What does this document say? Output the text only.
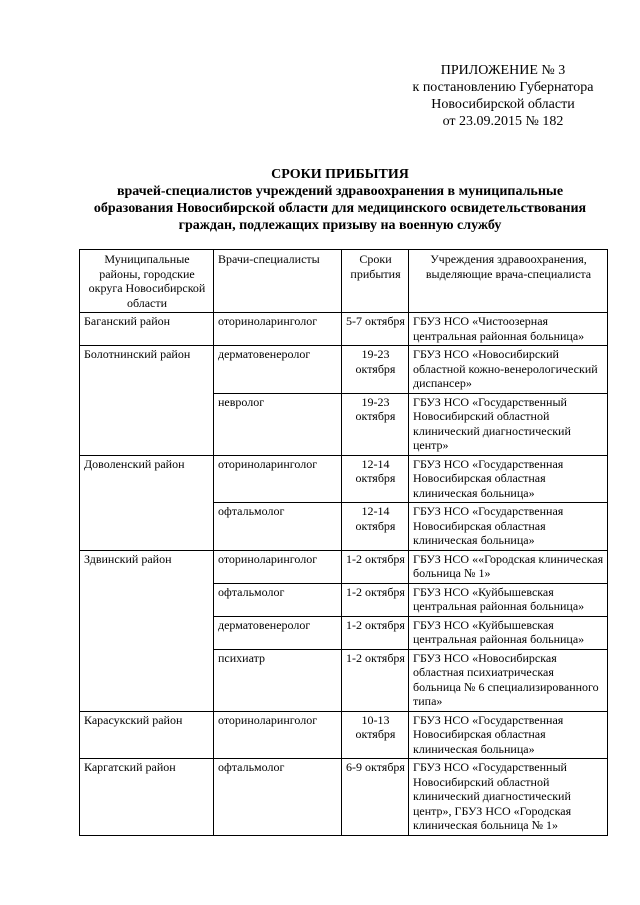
ПРИЛОЖЕНИЕ № 3
к постановлению Губернатора
Новосибирской области
от 23.09.2015 № 182
СРОКИ ПРИБЫТИЯ
врачей-специалистов учреждений здравоохранения в муниципальные
образования Новосибирской области для медицинского освидетельствования
граждан, подлежащих призыву на военную службу
Муниципальные районы, городские округа Новосибирской области	Врачи-специалисты	Сроки прибытия	Учреждения здравоохранения, выделяющие врача-специалиста
Баганский район	оториноларинголог	5-7 октября	ГБУЗ НСО «Чистоозерная центральная районная больница»
Болотнинский район	дерматовенеролог	19-23 октября	ГБУЗ НСО «Новосибирский областной кожно-венерологический диспансер»
	невролог	19-23 октября	ГБУЗ НСО «Государственный Новосибирский областной клинический диагностический центр»
Доволенский район	оториноларинголог	12-14 октября	ГБУЗ НСО «Государственная Новосибирская областная клиническая больница»
	офтальмолог	12-14 октября	ГБУЗ НСО «Государственная Новосибирская областная клиническая больница»
Здвинский район	оториноларинголог	1-2 октября	ГБУЗ НСО ««Городская клиническая больница № 1»
	офтальмолог	1-2 октября	ГБУЗ НСО «Куйбышевская центральная районная больница»
	дерматовенеролог	1-2 октября	ГБУЗ НСО «Куйбышевская центральная районная больница»
	психиатр	1-2 октября	ГБУЗ НСО «Новосибирская областная психиатрическая больница № 6 специализированного типа»
Карасукский район	оториноларинголог	10-13 октября	ГБУЗ НСО «Государственная Новосибирская областная клиническая больница»
Каргатский район	офтальмолог	6-9 октября	ГБУЗ НСО «Государственный Новосибирский областной клинический диагностический центр», ГБУЗ НСО «Городская клиническая больница № 1»
